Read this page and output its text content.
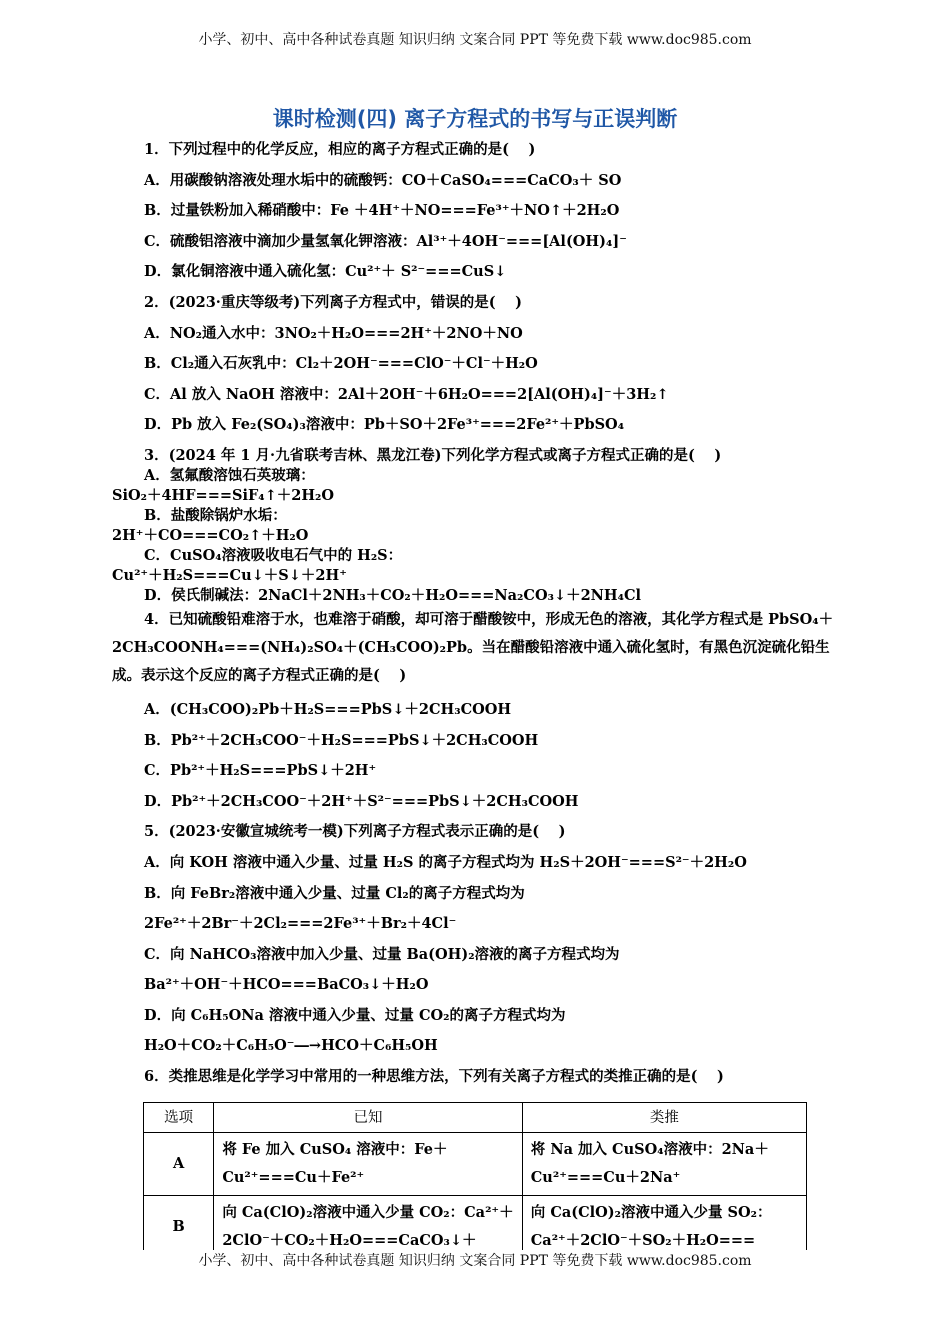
小学、初中、高中各种试卷真题 知识归纳 文案合同 PPT 等免费下载 www.doc985.com
课时检测(四) 离子方程式的书写与正误判断
1．下列过程中的化学反应，相应的离子方程式正确的是(　 )
A．用碳酸钠溶液处理水垢中的硫酸钙：CO＋CaSO₄===CaCO₃＋ SO
B．过量铁粉加入稀硝酸中：Fe ＋4H⁺＋NO===Fe³⁺＋NO↑＋2H₂O
C．硫酸铝溶液中滴加少量氢氧化钾溶液：Al³⁺＋4OH⁻===[Al(OH)₄]⁻
D．氯化铜溶液中通入硫化氢：Cu²⁺＋ S²⁻===CuS↓
2．(2023·重庆等级考)下列离子方程式中，错误的是(　 )
A．NO₂通入水中：3NO₂＋H₂O===2H⁺＋2NO＋NO
B．Cl₂通入石灰乳中：Cl₂＋2OH⁻===ClO⁻＋Cl⁻＋H₂O
C．Al 放入 NaOH 溶液中：2Al＋2OH⁻＋6H₂O===2[Al(OH)₄]⁻＋3H₂↑
D．Pb 放入 Fe₂(SO₄)₃溶液中：Pb＋SO＋2Fe³⁺===2Fe²⁺＋PbSO₄
3．(2024 年 1 月·九省联考吉林、黑龙江卷)下列化学方程式或离子方程式正确的是(　 )
A．氢氟酸溶蚀石英玻璃：
SiO₂＋4HF===SiF₄↑＋2H₂O
B．盐酸除锅炉水垢：
2H⁺＋CO===CO₂↑＋H₂O
C．CuSO₄溶液吸收电石气中的 H₂S：
Cu²⁺＋H₂S===Cu↓＋S↓＋2H⁺
D．侯氏制碱法：2NaCl＋2NH₃＋CO₂＋H₂O===Na₂CO₃↓＋2NH₄Cl
4．已知硫酸铅难溶于水，也难溶于硝酸，却可溶于醋酸铵中，形成无色的溶液，其化学方程式是 PbSO₄＋2CH₃COONH₄===(NH₄)₂SO₄＋(CH₃COO)₂Pb。当在醋酸铅溶液中通入硫化氢时，有黑色沉淀硫化铅生成。表示这个反应的离子方程式正确的是(　 )
A．(CH₃COO)₂Pb＋H₂S===PbS↓＋2CH₃COOH
B．Pb²⁺＋2CH₃COO⁻＋H₂S===PbS↓＋2CH₃COOH
C．Pb²⁺＋H₂S===PbS↓＋2H⁺
D．Pb²⁺＋2CH₃COO⁻＋2H⁺＋S²⁻===PbS↓＋2CH₃COOH
5．(2023·安徽宣城统考一模)下列离子方程式表示正确的是(　 )
A．向 KOH 溶液中通入少量、过量 H₂S 的离子方程式均为 H₂S＋2OH⁻===S²⁻＋2H₂O
B．向 FeBr₂溶液中通入少量、过量 Cl₂的离子方程式均为
2Fe²⁺＋2Br⁻＋2Cl₂===2Fe³⁺＋Br₂＋4Cl⁻
C．向 NaHCO₃溶液中加入少量、过量 Ba(OH)₂溶液的离子方程式均为
Ba²⁺＋OH⁻＋HCO===BaCO₃↓＋H₂O
D．向 C₆H₅ONa 溶液中通入少量、过量 CO₂的离子方程式均为
H₂O＋CO₂＋C₆H₅O⁻―→HCO＋C₆H₅OH
6．类推思维是化学学习中常用的一种思维方法，下列有关离子方程式的类推正确的是(　 )
选项	已知	类推
A	将 Fe 加入 CuSO₄ 溶液中：Fe＋Cu²⁺===Cu＋Fe²⁺	将 Na 加入 CuSO₄溶液中：2Na＋Cu²⁺===Cu＋2Na⁺
B	向 Ca(ClO)₂溶液中通入少量 CO₂：Ca²⁺＋2ClO⁻＋CO₂＋H₂O===CaCO₃↓＋	向 Ca(ClO)₂溶液中通入少量 SO₂：Ca²⁺＋2ClO⁻＋SO₂＋H₂O===
小学、初中、高中各种试卷真题 知识归纳 文案合同 PPT 等免费下载 www.doc985.com
